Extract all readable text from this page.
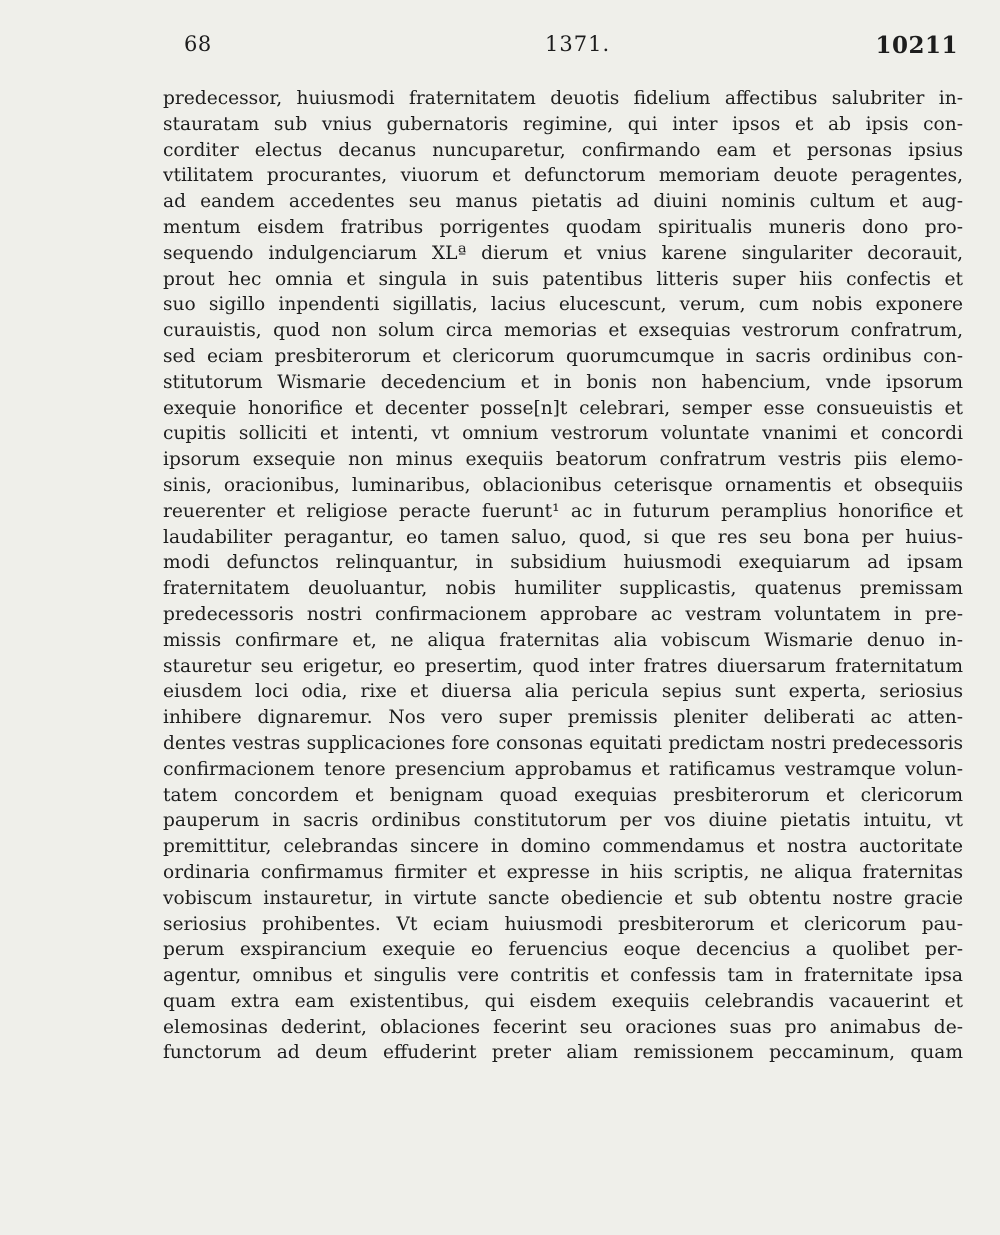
68	1371.	10211
predecessor, huiusmodi fraternitatem deuotis fidelium affectibus salubriter in-
stauratam sub vnius gubernatoris regimine, qui inter ipsos et ab ipsis con-
corditer electus decanus nuncuparetur, confirmando eam et personas ipsius
vtilitatem procurantes, viuorum et defunctorum memoriam deuote peragentes,
ad eandem accedentes seu manus pietatis ad diuini nominis cultum et aug-
mentum eisdem fratribus porrigentes quodam spiritualis muneris dono pro-
sequendo indulgenciarum XLª dierum et vnius karene singulariter decorauit,
prout hec omnia et singula in suis patentibus litteris super hiis confectis et
suo sigillo inpendenti sigillatis, lacius elucescunt, verum, cum nobis exponere
curauistis, quod non solum circa memorias et exsequias vestrorum confratrum,
sed eciam presbiterorum et clericorum quorumcumque in sacris ordinibus con-
stitutorum Wismarie decedencium et in bonis non habencium, vnde ipsorum
exequie honorifice et decenter posse[n]t celebrari, semper esse consueuistis et
cupitis solliciti et intenti, vt omnium vestrorum voluntate vnanimi et concordi
ipsorum exsequie non minus exequiis beatorum confratrum vestris piis elemo-
sinis, oracionibus, luminaribus, oblacionibus ceterisque ornamentis et obsequiis
reuerenter et religiose peracte fuerunt¹ ac in futurum peramplius honorifice et
laudabiliter peragantur, eo tamen saluo, quod, si que res seu bona per huius-
modi defunctos relinquantur, in subsidium huiusmodi exequiarum ad ipsam
fraternitatem deuoluantur, nobis humiliter supplicastis, quatenus premissam
predecessoris nostri confirmacionem approbare ac vestram voluntatem in pre-
missis confirmare et, ne aliqua fraternitas alia vobiscum Wismarie denuo in-
stauretur seu erigetur, eo presertim, quod inter fratres diuersarum fraternitatum
eiusdem loci odia, rixe et diuersa alia pericula sepius sunt experta, seriosius
inhibere dignaremur. Nos vero super premissis pleniter deliberati ac atten-
dentes vestras supplicaciones fore consonas equitati predictam nostri predecessoris
confirmacionem tenore presencium approbamus et ratificamus vestramque volun-
tatem concordem et benignam quoad exequias presbiterorum et clericorum
pauperum in sacris ordinibus constitutorum per vos diuine pietatis intuitu, vt
premittitur, celebrandas sincere in domino commendamus et nostra auctoritate
ordinaria confirmamus firmiter et expresse in hiis scriptis, ne aliqua fraternitas
vobiscum instauretur, in virtute sancte obediencie et sub obtentu nostre gracie
seriosius prohibentes. Vt eciam huiusmodi presbiterorum et clericorum pau-
perum exspirancium exequie eo feruencius eoque decencius a quolibet per-
agentur, omnibus et singulis vere contritis et confessis tam in fraternitate ipsa
quam extra eam existentibus, qui eisdem exequiis celebrandis vacauerint et
elemosinas dederint, oblaciones fecerint seu oraciones suas pro animabus de-
functorum ad deum effuderint preter aliam remissionem peccaminum, quam
